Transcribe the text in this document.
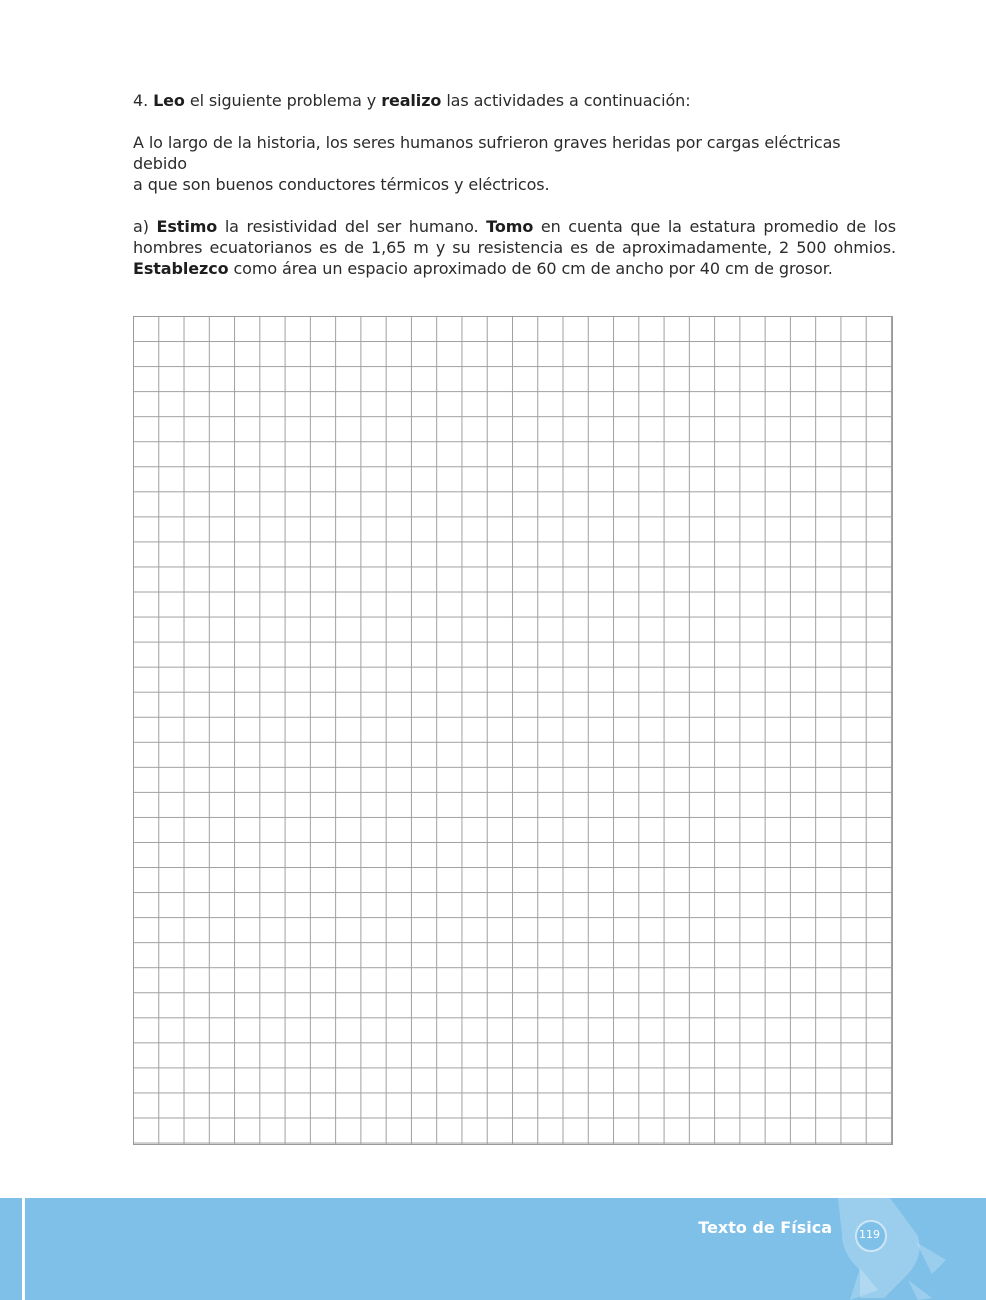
4. Leo el siguiente problema y realizo las actividades a continuación:

A lo largo de la historia, los seres humanos sufrieron graves heridas por cargas eléctricas debido
a que son buenos conductores térmicos y eléctricos.

a) Estimo la resistividad del ser humano. Tomo en cuenta que la estatura promedio de los hombres ecuatorianos es de 1,65 m y su resistencia es de aproximadamente, 2 500 ohmios. Establezco como área un espacio aproximado de 60 cm de ancho por 40 cm de grosor.

Texto de Física 119
